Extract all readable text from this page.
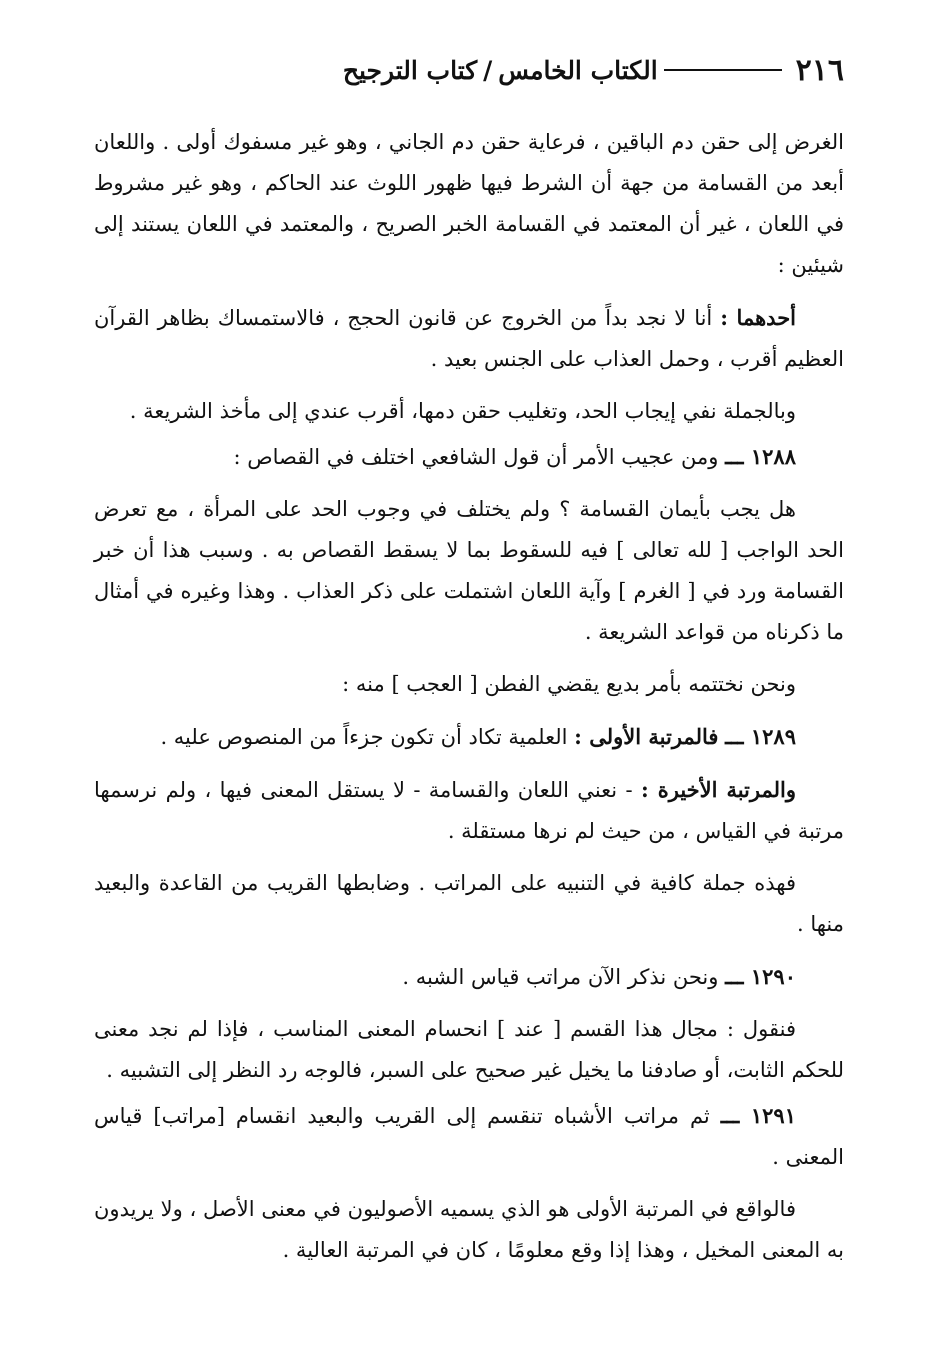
٢١٦
الكتاب الخامس/كتاب الترجيح

الغرض إلى حقن دم الباقين ، فرعاية حقن دم الجاني ، وهو غير مسفوك أولى . واللعان أبعد من القسامة من جهة أن الشرط فيها ظهور اللوث عند الحاكم ، وهو غير مشروط في اللعان ، غير أن المعتمد في القسامة الخبر الصريح ، والمعتمد في اللعان يستند إلى شيئين :

أحدهما : أنا لا نجد بداً من الخروج عن قانون الحجج ، فالاستمساك بظاهر القرآن العظيم أقرب ، وحمل العذاب على الجنس بعيد .

وبالجملة نفي إيجاب الحد، وتغليب حقن دمها، أقرب عندي إلى مأخذ الشريعة .

١٢٨٨ ـــ ومن عجيب الأمر أن قول الشافعي اختلف في القصاص :

هل يجب بأيمان القسامة ؟ ولم يختلف في وجوب الحد على المرأة ، مع تعرض الحد الواجب [ لله تعالى ] فيه للسقوط بما لا يسقط القصاص به . وسبب هذا أن خبر القسامة ورد في [ الغرم ] وآية اللعان اشتملت على ذكر العذاب . وهذا وغيره في أمثال ما ذكرناه من قواعد الشريعة .

ونحن نختتمه بأمر بديع يقضي الفطن [ العجب ] منه :

١٢٨٩ ـــ فالمرتبة الأولى : العلمية تكاد أن تكون جزءاً من المنصوص عليه .

والمرتبة الأخيرة : - نعني اللعان والقسامة - لا يستقل المعنى فيها ، ولم نرسمها مرتبة في القياس ، من حيث لم نرها مستقلة .

فهذه جملة كافية في التنبيه على المراتب . وضابطها القريب من القاعدة والبعيد منها .

١٢٩٠ ـــ ونحن نذكر الآن مراتب قياس الشبه .

فنقول : مجال هذا القسم [ عند ] انحسام المعنى المناسب ، فإذا لم نجد معنى للحكم الثابت، أو صادفنا ما يخيل غير صحيح على السبر، فالوجه رد النظر إلى التشبيه .

١٢٩١ ـــ ثم مراتب الأشباه تنقسم إلى القريب والبعيد انقسام [مراتب] قياس المعنى .

فالواقع في المرتبة الأولى هو الذي يسميه الأصوليون في معنى الأصل ، ولا يريدون به المعنى المخيل ، وهذا إذا وقع معلومًا ، كان في المرتبة العالية .
